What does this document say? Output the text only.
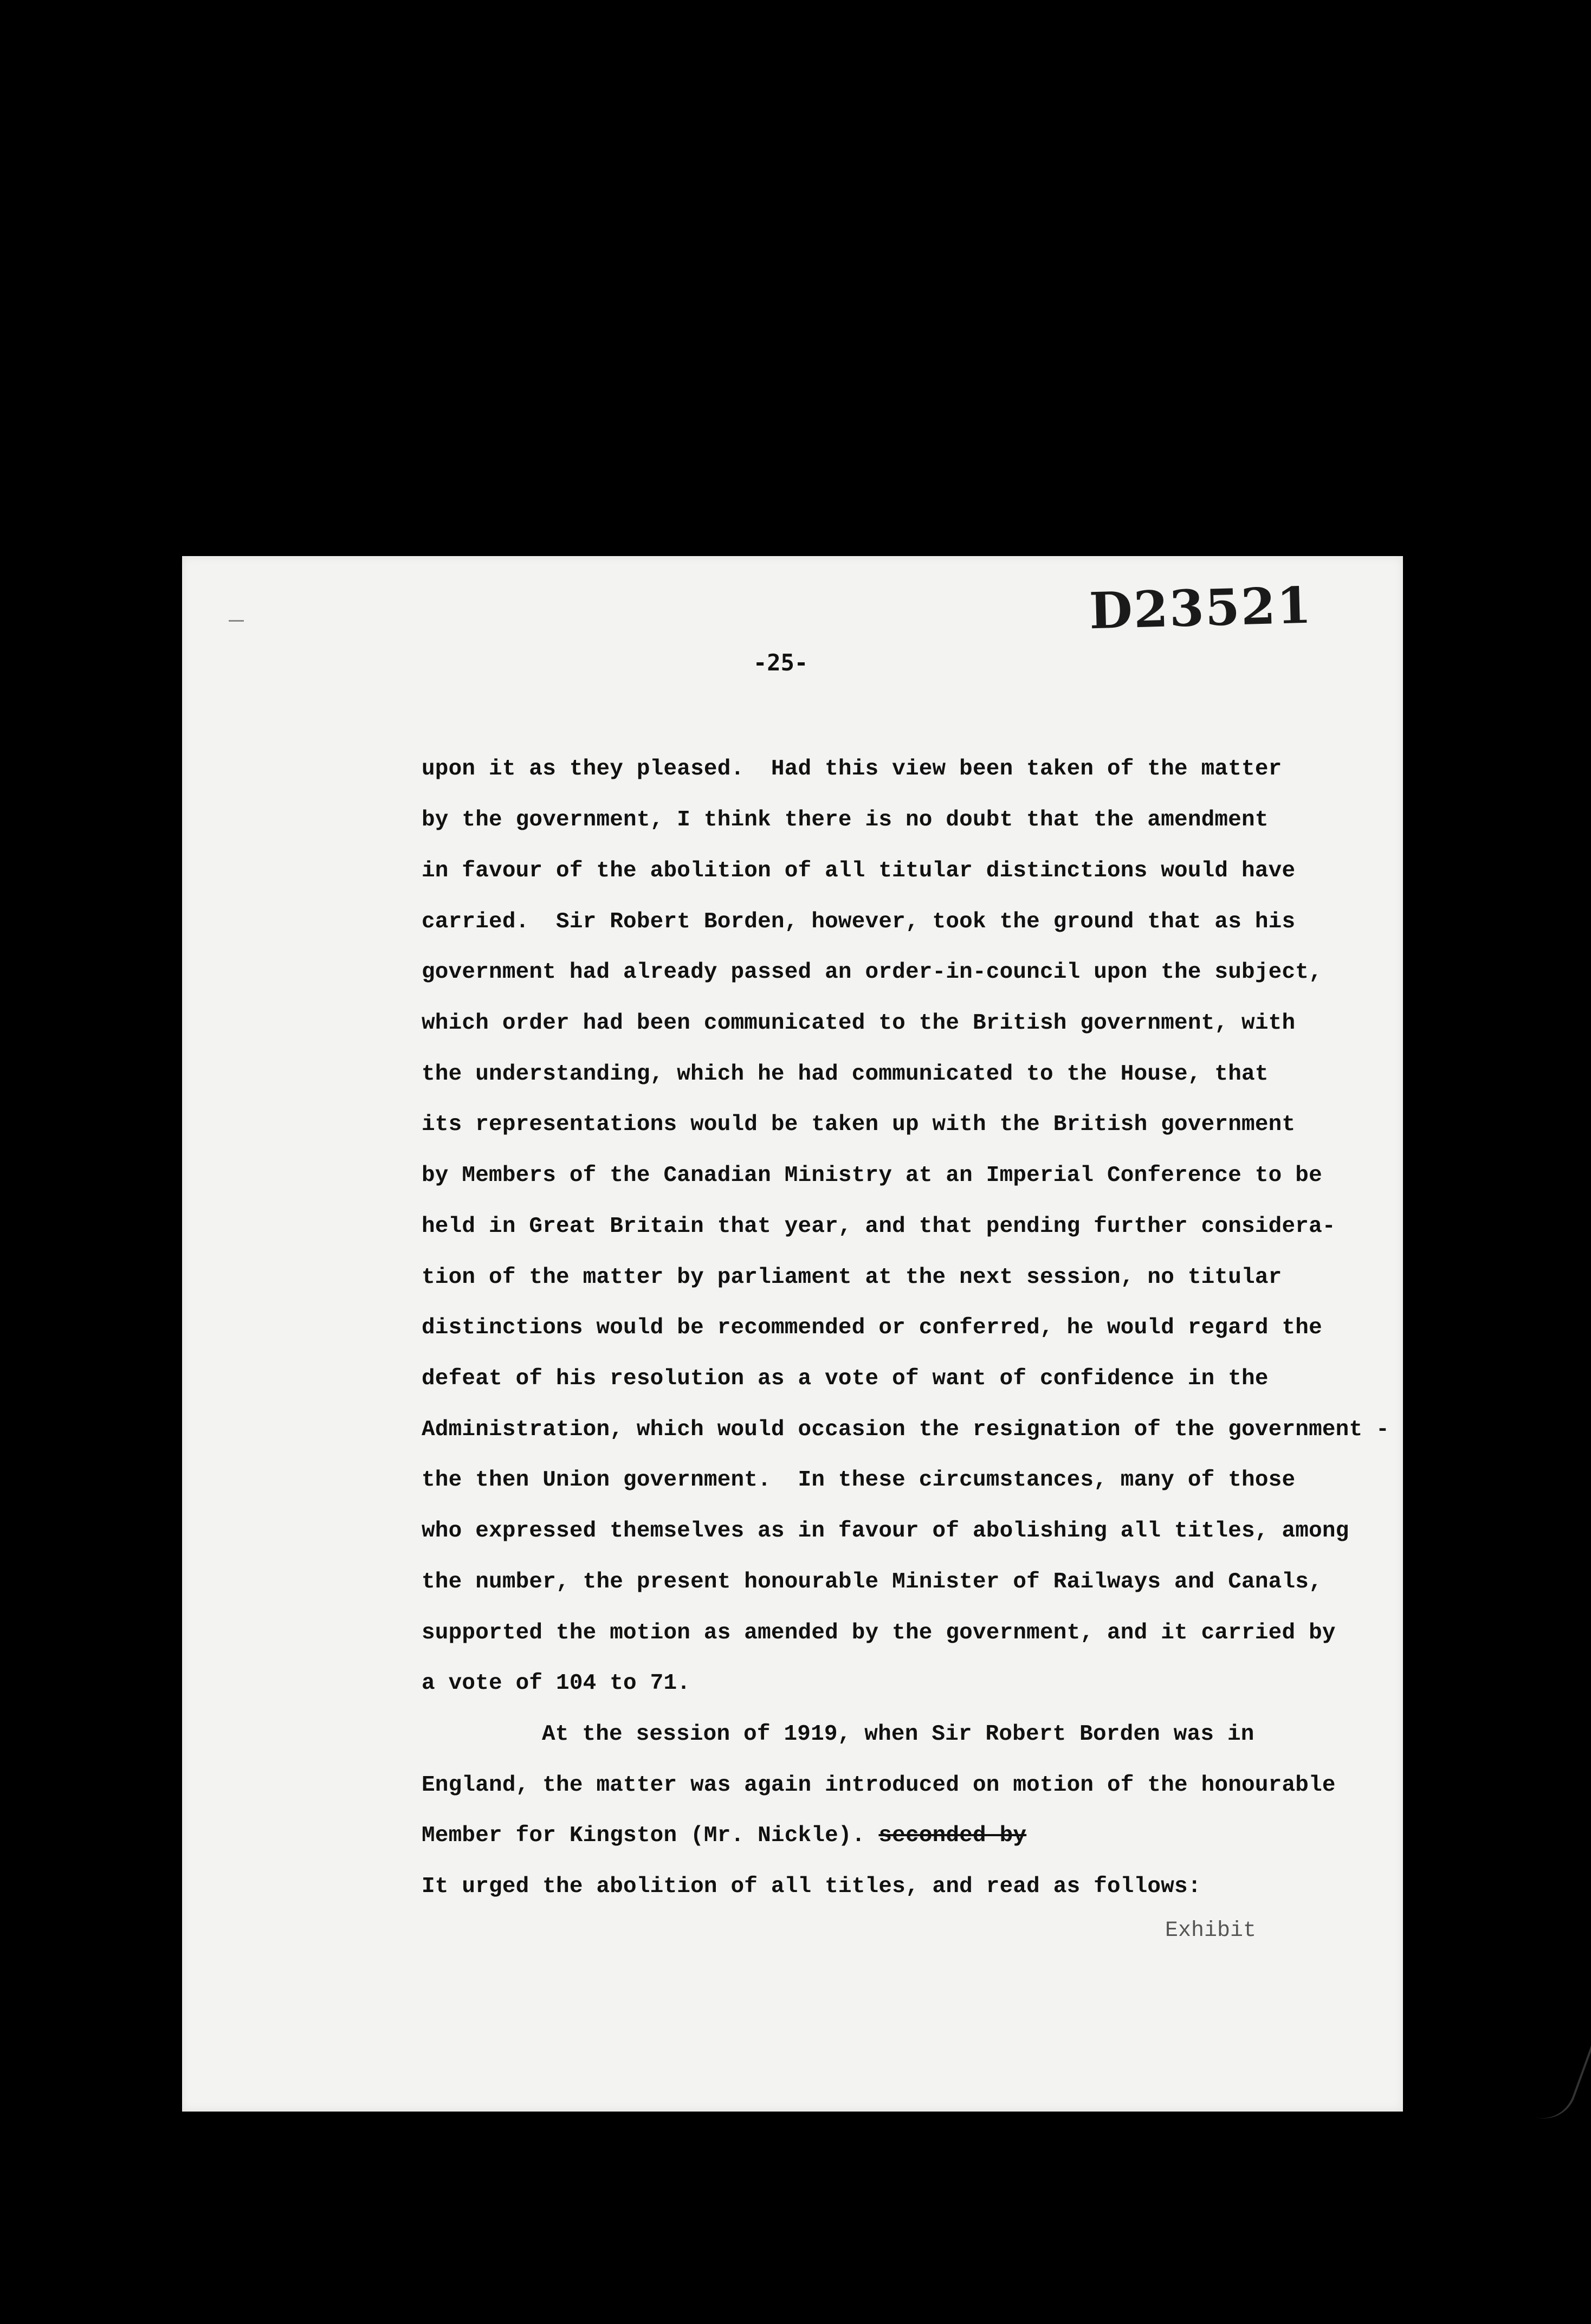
D23521
-25-
upon it as they pleased.  Had this view been taken of the matter
by the government, I think there is no doubt that the amendment
in favour of the abolition of all titular distinctions would have
carried.  Sir Robert Borden, however, took the ground that as his
government had already passed an order-in-council upon the subject,
which order had been communicated to the British government, with
the understanding, which he had communicated to the House, that
its representations would be taken up with the British government
by Members of the Canadian Ministry at an Imperial Conference to be
held in Great Britain that year, and that pending further considera-
tion of the matter by parliament at the next session, no titular
distinctions would be recommended or conferred, he would regard the
defeat of his resolution as a vote of want of confidence in the
Administration, which would occasion the resignation of the government -
the then Union government.  In these circumstances, many of those
who expressed themselves as in favour of abolishing all titles, among
the number, the present honourable Minister of Railways and Canals,
supported the motion as amended by the government, and it carried by
a vote of 104 to 71.
At the session of 1919, when Sir Robert Borden was in
England, the matter was again introduced on motion of the honourable
Member for Kingston (Mr. Nickle). seconded by
It urged the abolition of all titles, and read as follows:
Exhibit
